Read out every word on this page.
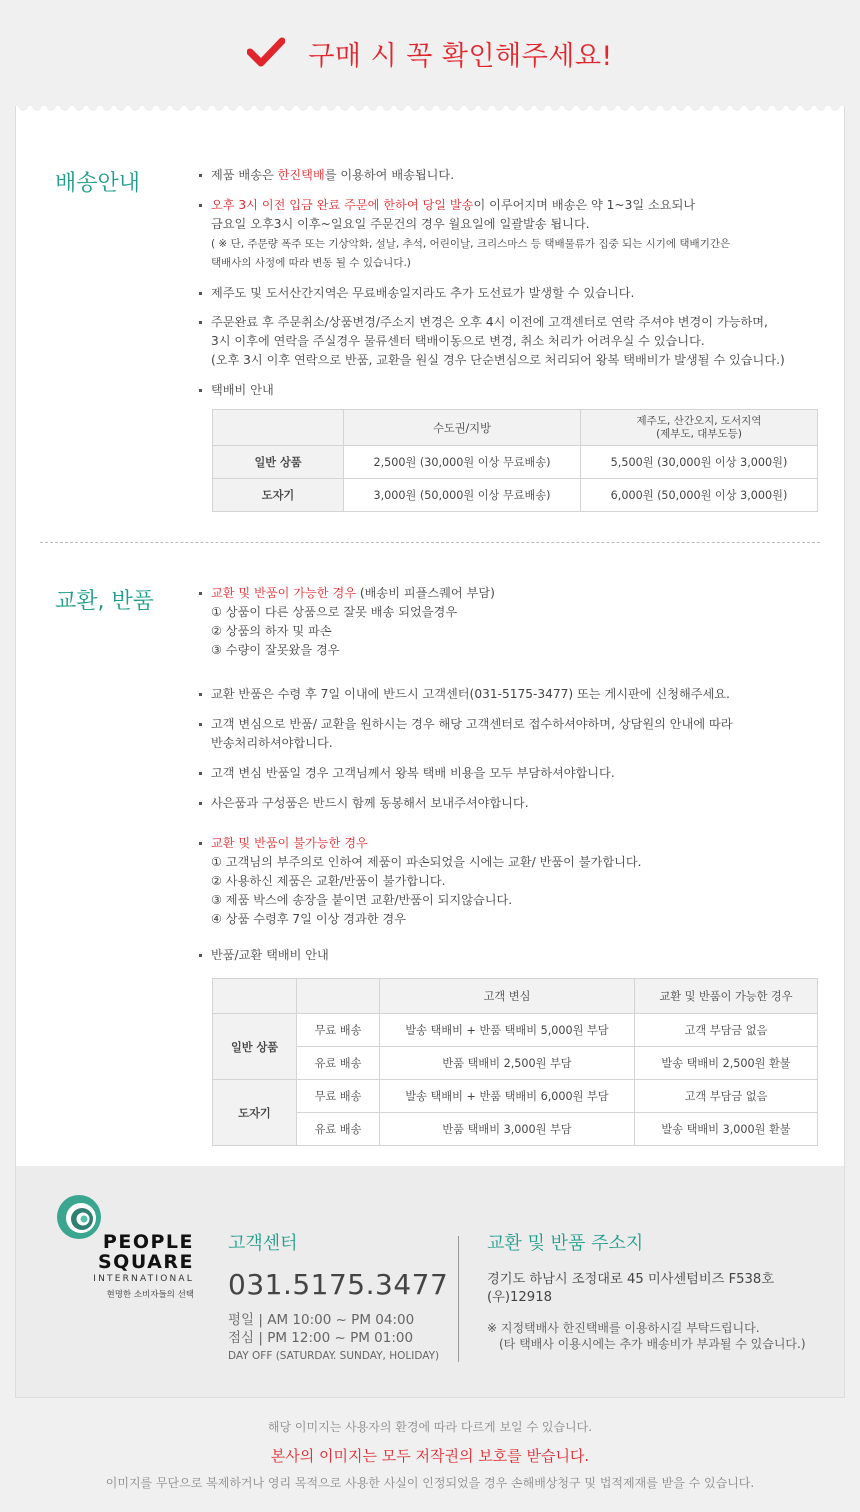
구매 시 꼭 확인해주세요!
배송안내	제품 배송은 한진택배를 이용하여 배송됩니다.
오후 3시 이전 입금 완료 주문에 한하여 당일 발송이 이루어지며 배송은 약 1~3일 소요되나
금요일 오후3시 이후~일요일 주문건의 경우 월요일에 일괄발송 됩니다.
( ※ 단, 주문량 폭주 또는 기상악화, 설날, 추석, 어린이날, 크리스마스 등 택배물류가 집중 되는 시기에 택배기간은
택배사의 사정에 따라 변동 될 수 있습니다.)
제주도 및 도서산간지역은 무료배송일지라도 추가 도선료가 발생할 수 있습니다.
주문완료 후 주문취소/상품변경/주소지 변경은 오후 4시 이전에 고객센터로 연락 주셔야 변경이 가능하며,
3시 이후에 연락을 주실경우 물류센터 택배이동으로 변경, 취소 처리가 어려우실 수 있습니다.
(오후 3시 이후 연락으로 반품, 교환을 원실 경우 단순변심으로 처리되어 왕복 택배비가 발생될 수 있습니다.)
택배비 안내
	수도권/지방	제주도, 산간오지, 도서지역
(제부도, 대부도등)
일반 상품	2,500원 (30,000원 이상 무료배송)	5,500원 (30,000원 이상 3,000원)
도자기	3,000원 (50,000원 이상 무료배송)	6,000원 (50,000원 이상 3,000원)
교환, 반품	교환 및 반품이 가능한 경우 (배송비 피플스퀘어 부담)
① 상품이 다른 상품으로 잘못 배송 되었을경우
② 상품의 하자 및 파손
③ 수량이 잘못왔을 경우
교환 반품은 수령 후 7일 이내에 반드시 고객센터(031-5175-3477) 또는 게시판에 신청해주세요.
고객 변심으로 반품/ 교환을 원하시는 경우 해당 고객센터로 접수하셔야하며, 상담원의 안내에 따라
반송처리하셔야합니다.
고객 변심 반품일 경우 고객님께서 왕복 택배 비용을 모두 부담하셔야합니다.
사은품과 구성품은 반드시 함께 동봉해서 보내주셔야합니다.
교환 및 반품이 불가능한 경우
① 고객님의 부주의로 인하여 제품이 파손되었을 시에는 교환/ 반품이 불가합니다.
② 사용하신 제품은 교환/반품이 불가합니다.
③ 제품 박스에 송장을 붙이면 교환/반품이 되지않습니다.
④ 상품 수령후 7일 이상 경과한 경우
반품/교환 택배비 안내
		고객 변심	교환 및 반품이 가능한 경우
일반 상품	무료 배송	발송 택배비 + 반품 택배비 5,000원 부담	고객 부담금 없음
	유료 배송	반품 택배비 2,500원 부담	발송 택배비 2,500원 환불
도자기	무료 배송	발송 택배비 + 반품 택배비 6,000원 부담	고객 부담금 없음
	유료 배송	반품 택배비 3,000원 부담	발송 택배비 3,000원 환불
PEOPLE
SQUARE
INTERNATIONAL
현명한 소비자들의 선택
고객센터
031.5175.3477
평일 | AM 10:00 ~ PM 04:00
점심 | PM 12:00 ~ PM 01:00
DAY OFF (SATURDAY. SUNDAY, HOLIDAY)
교환 및 반품 주소지
경기도 하남시 조정대로 45 미사센텀비즈 F538호
(우)12918
※ 지정택배사 한진택배를 이용하시길 부탁드립니다.
(타 택배사 이용시에는 추가 배송비가 부과될 수 있습니다.)
해당 이미지는 사용자의 환경에 따라 다르게 보일 수 있습니다.
본사의 이미지는 모두 저작권의 보호를 받습니다.
이미지를 무단으로 복제하거나 영리 목적으로 사용한 사실이 인정되었을 경우 손해배상청구 및 법적제재를 받을 수 있습니다.
